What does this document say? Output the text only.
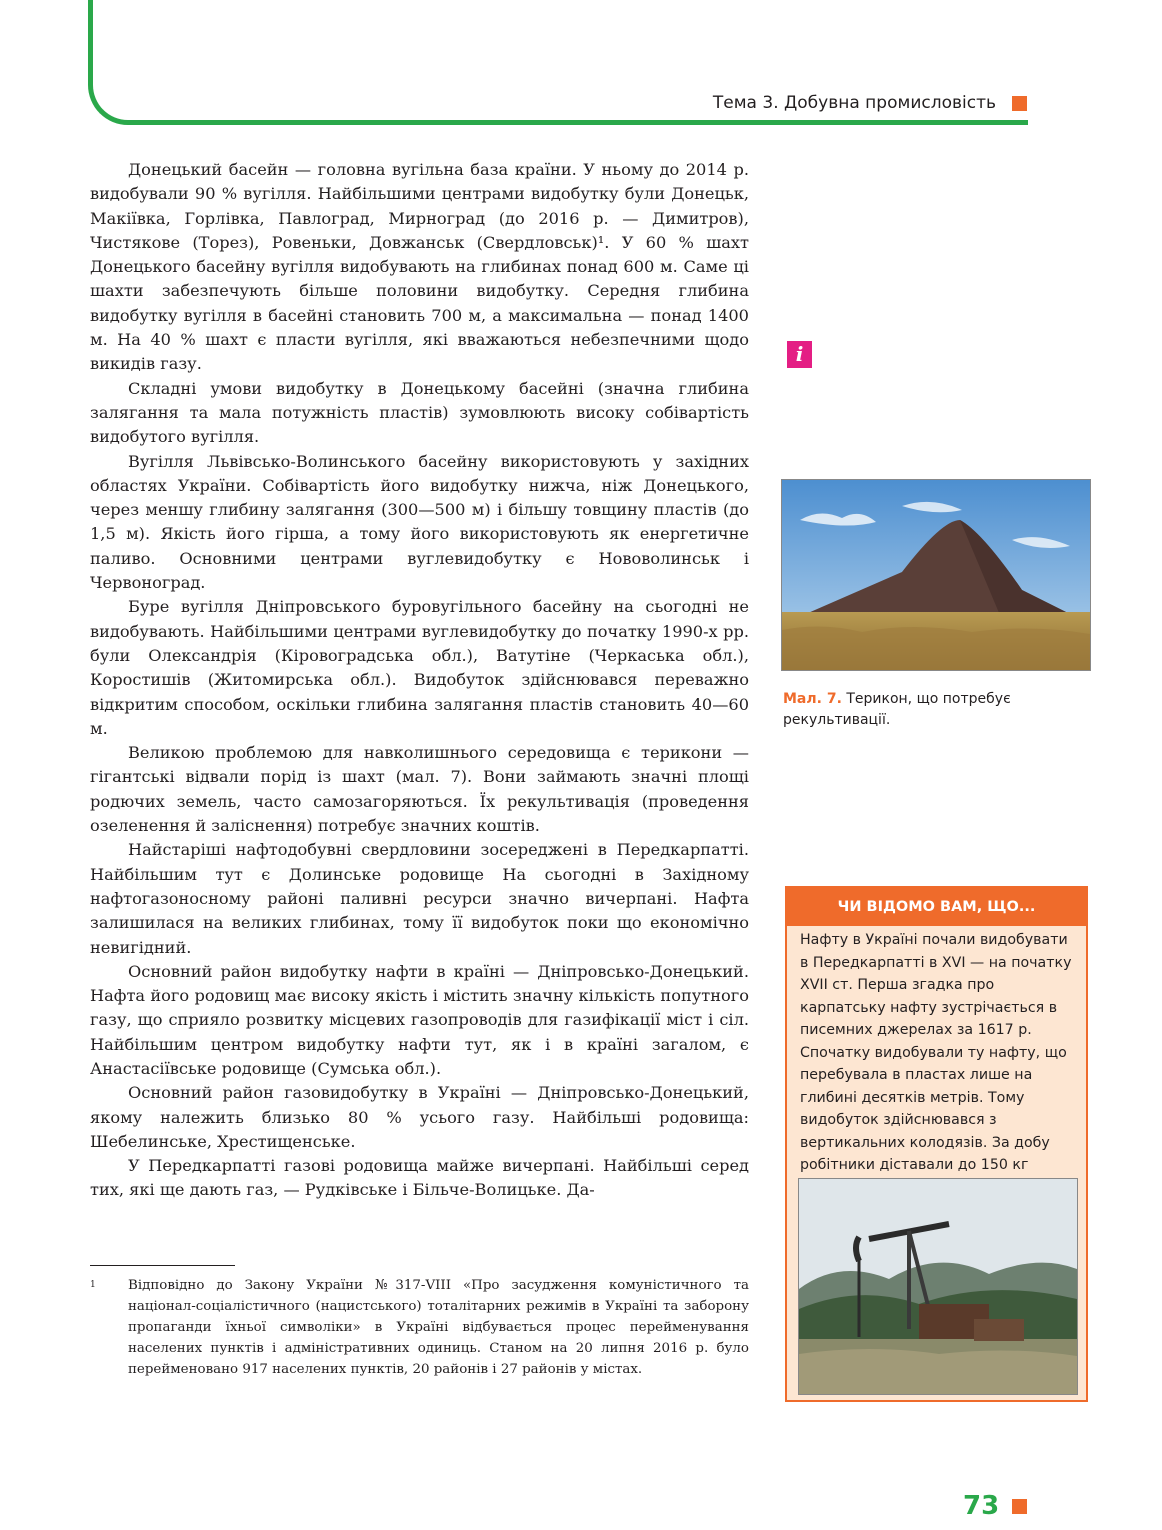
Тема 3. Добувна промисловість

Донецький басейн — головна вугільна база країни. У ньому до 2014 р. видобували 90 % вугілля. Найбільшими центрами видобутку були Донецьк, Макіївка, Горлівка, Павлоград, Мирноград (до 2016 р. — Димитров), Чистякове (Торез), Ровеньки, Довжанськ (Свердловськ)¹. У 60 % шахт Донецького басейну вугілля видобувають на глибинах понад 600 м. Саме ці шахти забезпечують більше половини видобутку. Середня глибина видобутку вугілля в басейні становить 700 м, а максимальна — понад 1400 м. На 40 % шахт є пласти вугілля, які вважаються небезпечними щодо викидів газу.

Складні умови видобутку в Донецькому басейні (значна глибина залягання та мала потужність пластів) зумовлюють високу собівартість видобутого вугілля.

Вугілля Львівсько-Волинського басейну використовують у західних областях України. Собівартість його видобутку нижча, ніж Донецького, через меншу глибину залягання (300—500 м) і більшу товщину пластів (до 1,5 м). Якість його гірша, а тому його використовують як енергетичне паливо. Основними центрами вуглевидобутку є Нововолинськ і Червоноград.

Буре вугілля Дніпровського буровугільного басейну на сьогодні не видобувають. Найбільшими центрами вуглевидобутку до початку 1990-х рр. були Олександрія (Кіровоградська обл.), Ватутіне (Черкаська обл.), Коростишів (Житомирська обл.). Видобуток здійснювався переважно відкритим способом, оскільки глибина залягання пластів становить 40—60 м.

Великою проблемою для навколишнього середовища є терикони — гігантські відвали порід із шахт (мал. 7). Вони займають значні площі родючих земель, часто самозагоряються. Їх рекультивація (проведення озеленення й заліснення) потребує значних коштів.

Найстаріші нафтодобувні свердловини зосереджені в Передкарпатті. Найбільшим тут є Долинське родовище На сьогодні в Західному нафтогазоносному районі паливні ресурси значно вичерпані. Нафта залишилася на великих глибинах, тому її видобуток поки що економічно невигідний.

Основний район видобутку нафти в країні — Дніпровсько-Донецький. Нафта його родовищ має високу якість і містить значну кількість попутного газу, що сприяло розвитку місцевих газопроводів для газифікації міст і сіл. Найбільшим центром видобутку нафти тут, як і в країні загалом, є Анастасіївське родовище (Сумська обл.).

Основний район газовидобутку в Україні — Дніпровсько-Донецький, якому належить близько 80 % усього газу. Найбільші родовища: Шебелинське, Хрестищенське.

У Передкарпатті газові родовища майже вичерпані. Найбільші серед тих, які ще дають газ, — Рудківське і Більче-Волицьке. Да-

1 Відповідно до Закону України №317-VIII «Про засудження комуністичного та націонал-соціалістичного (нацистського) тоталітарних режимів в Україні та заборону пропаганди їхньої символіки» в Україні відбувається процес перейменування населених пунктів і адміністративних одиниць. Станом на 20 липня 2016 р. було перейменовано 917 населених пунктів, 20 районів і 27 районів у містах.
i
Мал. 7. Терикон, що потребує рекультивації.
ЧИ ВІДОМО ВАМ, ЩО...
Нафту в Україні почали видобувати в Передкарпатті в XVI — на початку XVII ст. Перша згадка про карпатську нафту зустрічається в писемних джерелах за 1617 р. Спочатку видобували ту нафту, що перебувала в пластах лише на глибині десятків метрів. Тому видобуток здійснювався з вертикальних колодязів. За добу робітники діставали до 150 кг
73
